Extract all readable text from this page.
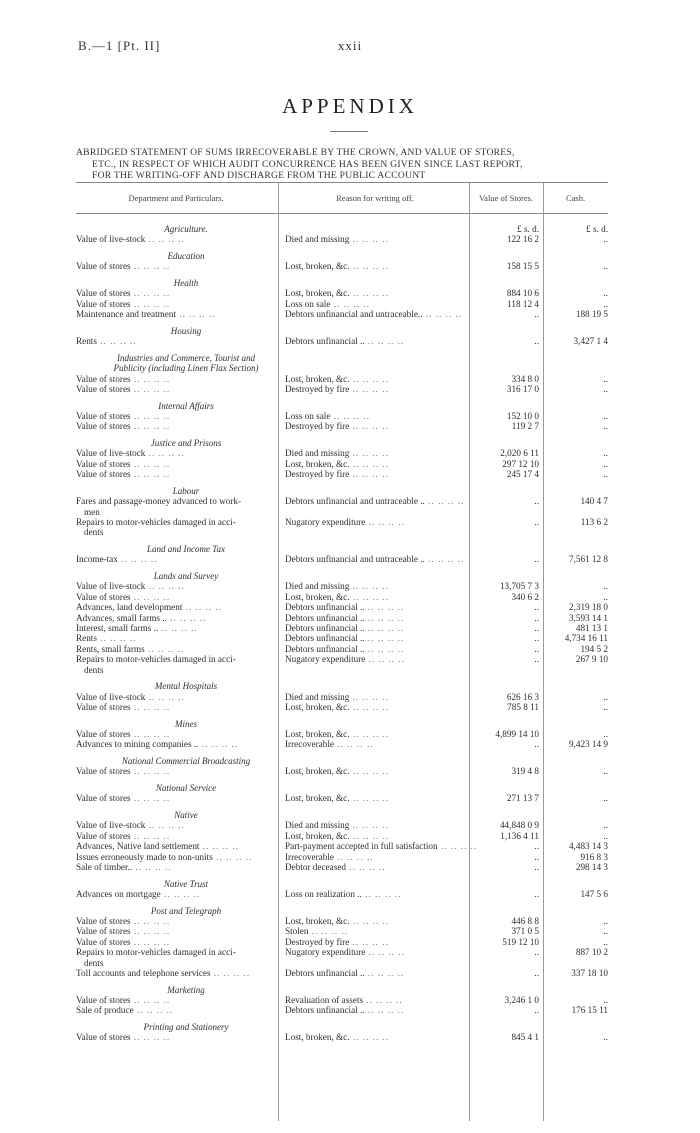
B.—1 [Pt. II]	xxii
APPENDIX
ABRIDGED STATEMENT OF SUMS IRRECOVERABLE BY THE CROWN, AND VALUE OF STORES,
ETC., IN RESPECT OF WHICH AUDIT CONCURRENCE HAS BEEN GIVEN SINCE LAST REPORT,
FOR THE WRITING-OFF AND DISCHARGE FROM THE PUBLIC ACCOUNT
Department and Particulars.	Reason for writing off.	Value of Stores.	Cash.
£ s. d.	£ s. d.
Agriculture.
Value of live-stock .. .. .. ..	Died and missing .. .. .. ..	122 16 2	..
Education
Value of stores .. .. .. ..	Lost, broken, &c. .. .. .. ..	158 15 5	..
Health
Value of stores .. .. .. ..	Lost, broken, &c. .. .. .. ..	884 10 6	..
Value of stores .. .. .. ..	Loss on sale .. .. .. ..	118 12 4	..
Maintenance and treatment .. .. .. ..	Debtors unfinancial and untraceable.. .. .. .. ..	..	188 19 5
Housing
Rents .. .. .. ..	Debtors unfinancial .. .. .. .. ..	..	3,427 1 4
Industries and Commerce, Tourist and
Publicity (including Linen Flax Section)
Value of stores .. .. .. ..	Lost, broken, &c. .. .. .. ..	334 8 0	..
Value of stores .. .. .. ..	Destroyed by fire .. .. .. ..	316 17 0	..
Internal Affairs
Value of stores .. .. .. ..	Loss on sale .. .. .. ..	152 10 0	..
Value of stores .. .. .. ..	Destroyed by fire .. .. .. ..	119 2 7	..
Justice and Prisons
Value of live-stock .. .. .. ..	Died and missing .. .. .. ..	2,020 6 11	..
Value of stores .. .. .. ..	Lost, broken, &c. .. .. .. ..	297 12 10	..
Value of stores .. .. .. ..	Destroyed by fire .. .. .. ..	245 17 4	..
Labour
Fares and passage-money advanced to work-	Debtors unfinancial and untraceable .. .. .. .. ..	..	140 4 7
men
Repairs to motor-vehicles damaged in acci-	Nugatory expenditure .. .. .. ..	..	113 6 2
dents
Land and Income Tax
Income-tax .. .. .. ..	Debtors unfinancial and untraceable .. .. .. .. ..	..	7,561 12 8
Lands and Survey
Value of live-stock .. .. .. ..	Died and missing .. .. .. ..	13,705 7 3	..
Value of stores .. .. .. ..	Lost, broken, &c. .. .. .. ..	340 6 2	..
Advances, land development .. .. .. ..	Debtors unfinancial .. .. .. .. ..	..	2,319 18 0
Advances, small farms .. .. .. .. ..	Debtors unfinancial .. .. .. .. ..	..	3,593 14 1
Interest, small farms .. .. .. .. ..	Debtors unfinancial .. .. .. .. ..	..	481 13 1
Rents .. .. .. ..	Debtors unfinancial .. .. .. .. ..	..	4,734 16 11
Rents, small farms .. .. .. ..	Debtors unfinancial .. .. .. .. ..	..	194 5 2
Repairs to motor-vehicles damaged in acci-	Nugatory expenditure .. .. .. ..	..	267 9 10
dents
Mental Hospitals
Value of live-stock .. .. .. ..	Died and missing .. .. .. ..	626 16 3	..
Value of stores .. .. .. ..	Lost, broken, &c. .. .. .. ..	785 8 11	..
Mines
Value of stores .. .. .. ..	Lost, broken, &c. .. .. .. ..	4,899 14 10	..
Advances to mining companies .. .. .. .. ..	Irrecoverable .. .. .. ..	..	9,423 14 9
National Commercial Broadcasting
Value of stores .. .. .. ..	Lost, broken, &c. .. .. .. ..	319 4 8	..
National Service
Value of stores .. .. .. ..	Lost, broken, &c. .. .. .. ..	271 13 7	..
Native
Value of live-stock .. .. .. ..	Died and missing .. .. .. ..	44,848 0 9	..
Value of stores .. .. .. ..	Lost, broken, &c. .. .. .. ..	1,136 4 11	..
Advances, Native land settlement .. .. .. ..	Part-payment accepted in full satisfaction .. .. .. ..	..	4,483 14 3
Issues erroneously made to non-units .. .. .. ..	Irrecoverable .. .. .. ..	..	916 8 3
Sale of timber.. .. .. .. ..	Debtor deceased .. .. .. ..	..	298 14 3
Native Trust
Advances on mortgage .. .. .. ..	Loss on realization .. .. .. .. ..	..	147 5 6
Post and Telegraph
Value of stores .. .. .. ..	Lost, broken, &c. .. .. .. ..	446 8 8	..
Value of stores .. .. .. ..	Stolen .. .. .. ..	371 0 5	..
Value of stores .. .. .. ..	Destroyed by fire .. .. .. ..	519 12 10	..
Repairs to motor-vehicles damaged in acci-	Nugatory expenditure .. .. .. ..	..	887 10 2
dents
Toll accounts and telephone services .. .. .. ..	Debtors unfinancial .. .. .. .. ..	..	337 18 10
Marketing
Value of stores .. .. .. ..	Revaluation of assets .. .. .. ..	3,246 1 0	..
Sale of produce .. .. .. ..	Debtors unfinancial .. .. .. .. ..	..	176 15 11
Printing and Stationery
Value of stores .. .. .. ..	Lost, broken, &c. .. .. .. ..	845 4 1	..
